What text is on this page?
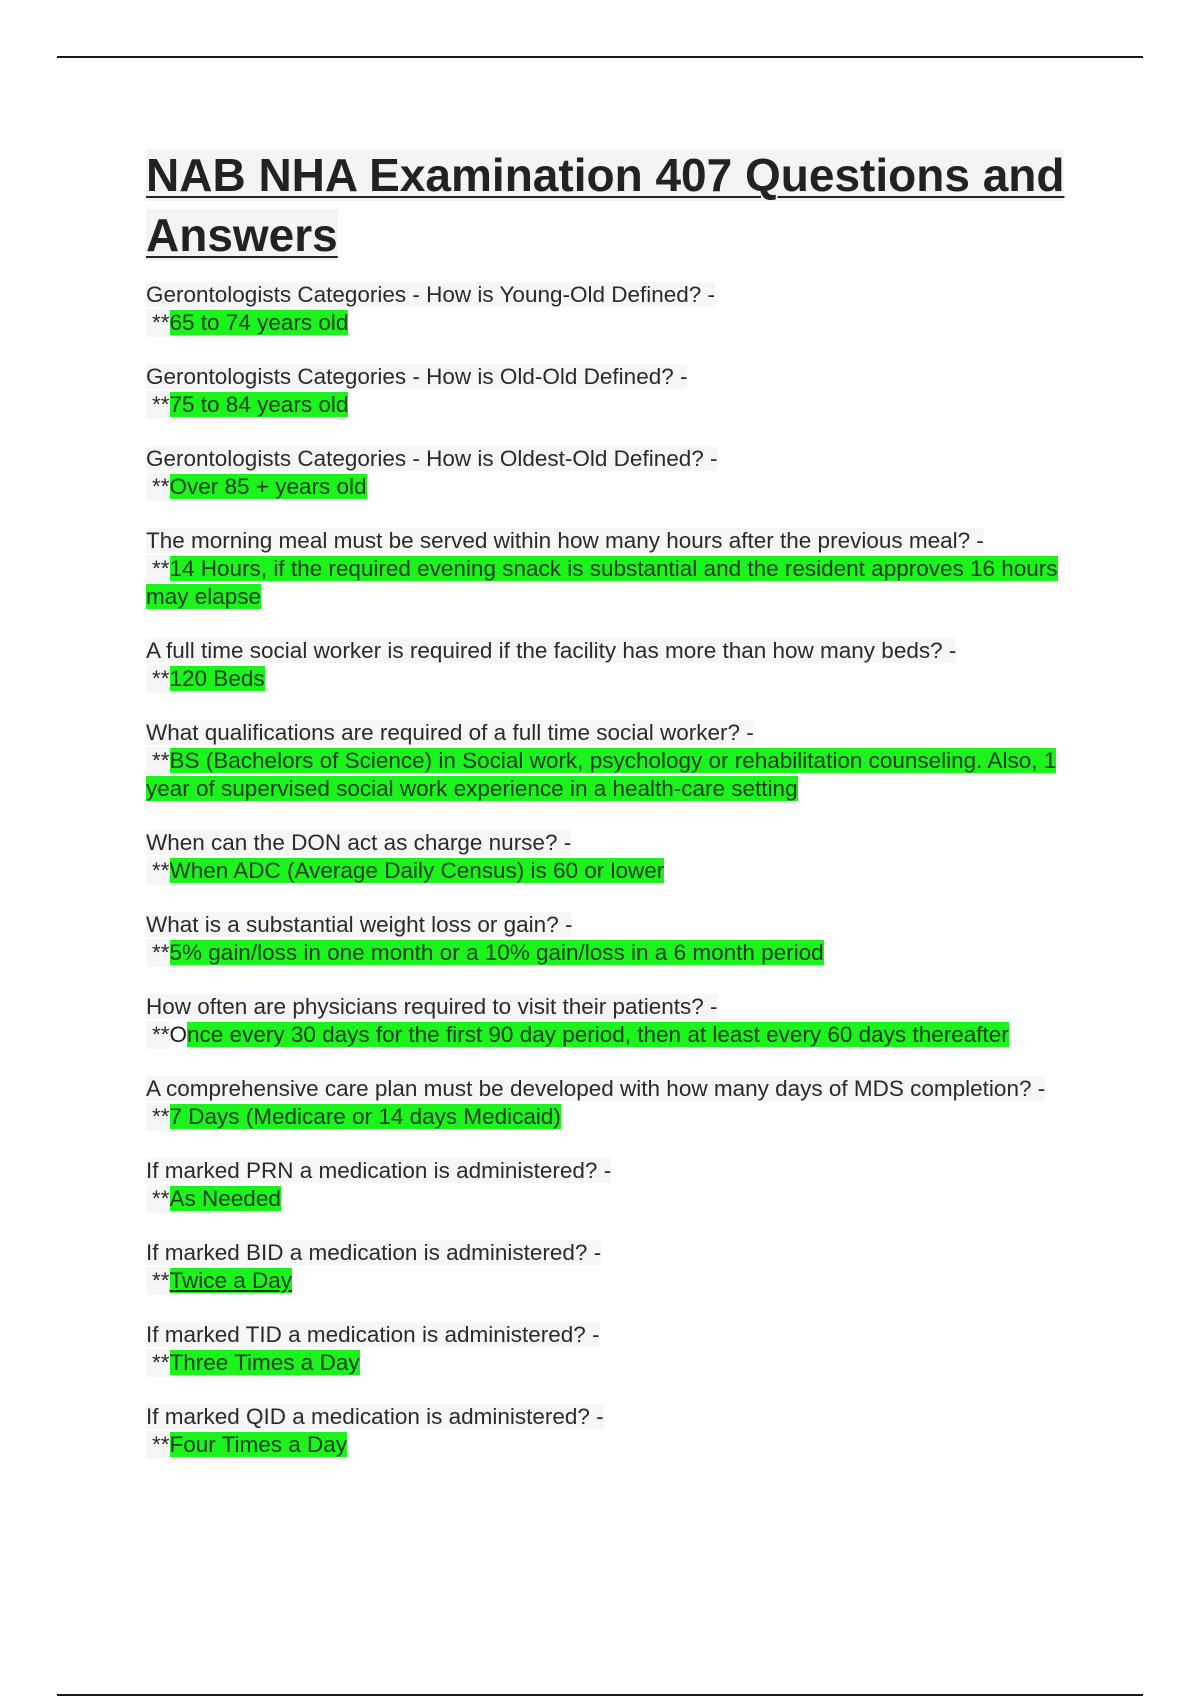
NAB NHA Examination 407 Questions and Answers
Gerontologists Categories - How is Young-Old Defined? -
**65 to 74 years old
Gerontologists Categories - How is Old-Old Defined? -
**75 to 84 years old
Gerontologists Categories - How is Oldest-Old Defined? -
**Over 85 + years old
The morning meal must be served within how many hours after the previous meal? -
**14 Hours, if the required evening snack is substantial and the resident approves 16 hours may elapse
A full time social worker is required if the facility has more than how many beds? -
**120 Beds
What qualifications are required of a full time social worker? -
**BS (Bachelors of Science) in Social work, psychology or rehabilitation counseling. Also, 1 year of supervised social work experience in a health-care setting
When can the DON act as charge nurse? -
**When ADC (Average Daily Census) is 60 or lower
What is a substantial weight loss or gain? -
**5% gain/loss in one month or a 10% gain/loss in a 6 month period
How often are physicians required to visit their patients? -
**Once every 30 days for the first 90 day period, then at least every 60 days thereafter
A comprehensive care plan must be developed with how many days of MDS completion? -
**7 Days (Medicare or 14 days Medicaid)
If marked PRN a medication is administered? -
**As Needed
If marked BID a medication is administered? -
**Twice a Day
If marked TID a medication is administered? -
**Three Times a Day
If marked QID a medication is administered? -
**Four Times a Day
